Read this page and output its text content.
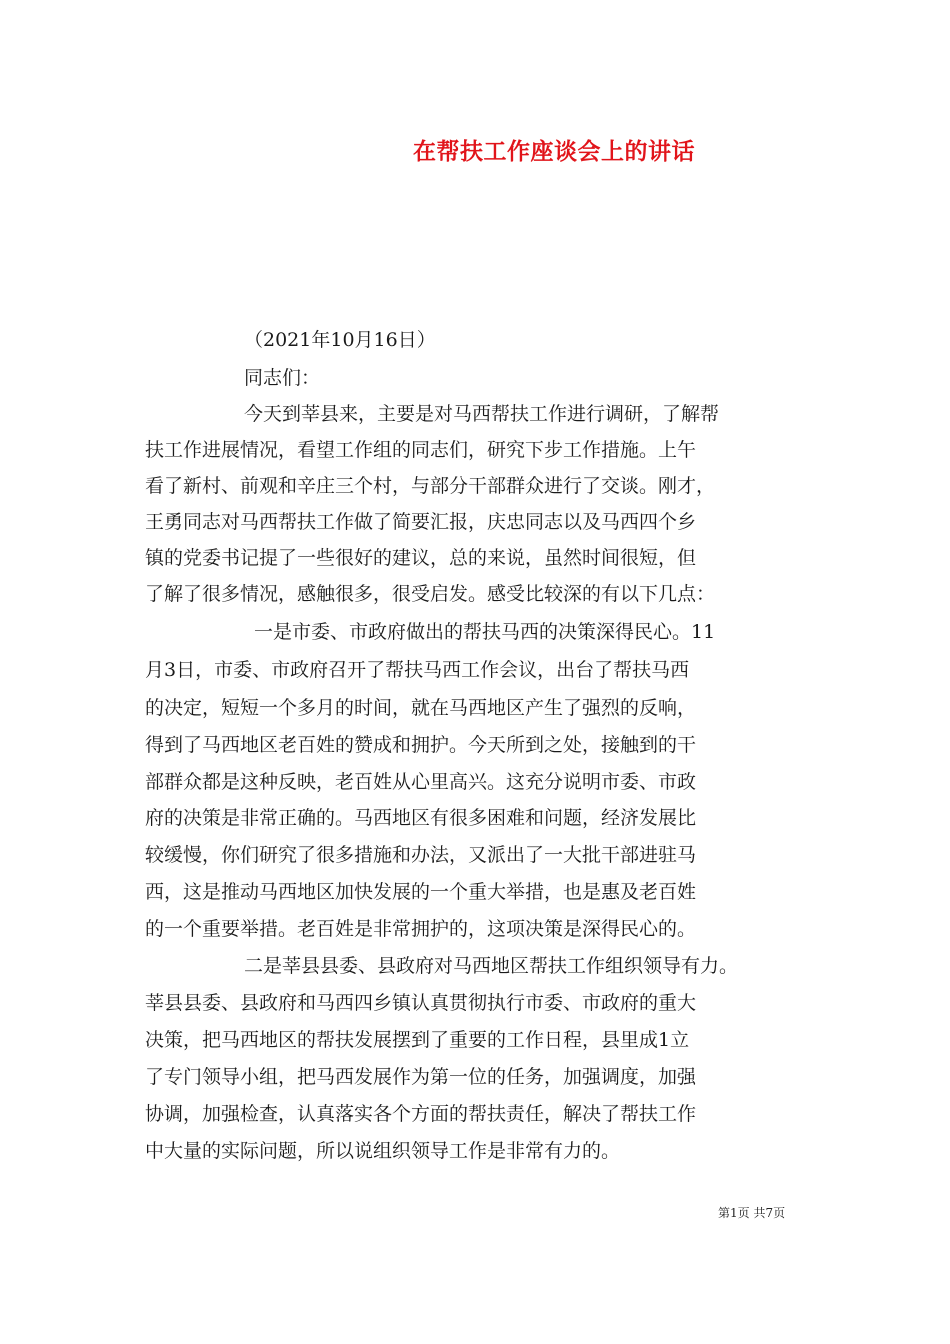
在帮扶工作座谈会上的讲话
（2021年10月16日）
同志们：
今天到莘县来，主要是对马西帮扶工作进行调研，了解帮
扶工作进展情况，看望工作组的同志们，研究下步工作措施。上午
看了新村、前观和辛庄三个村，与部分干部群众进行了交谈。刚才，
王勇同志对马西帮扶工作做了简要汇报，庆忠同志以及马西四个乡
镇的党委书记提了一些很好的建议，总的来说，虽然时间很短，但
了解了很多情况，感触很多，很受启发。感受比较深的有以下几点：
一是市委、市政府做出的帮扶马西的决策深得民心。11
月3日，市委、市政府召开了帮扶马西工作会议，出台了帮扶马西
的决定，短短一个多月的时间，就在马西地区产生了强烈的反响，
得到了马西地区老百姓的赞成和拥护。今天所到之处，接触到的干
部群众都是这种反映，老百姓从心里高兴。这充分说明市委、市政
府的决策是非常正确的。马西地区有很多困难和问题，经济发展比
较缓慢，你们研究了很多措施和办法，又派出了一大批干部进驻马
西，这是推动马西地区加快发展的一个重大举措，也是惠及老百姓
的一个重要举措。老百姓是非常拥护的，这项决策是深得民心的。
二是莘县县委、县政府对马西地区帮扶工作组织领导有力。
莘县县委、县政府和马西四乡镇认真贯彻执行市委、市政府的重大
决策，把马西地区的帮扶发展摆到了重要的工作日程，县里成1立
了专门领导小组，把马西发展作为第一位的任务，加强调度，加强
协调，加强检查，认真落实各个方面的帮扶责任，解决了帮扶工作
中大量的实际问题，所以说组织领导工作是非常有力的。
第1页 共7页
